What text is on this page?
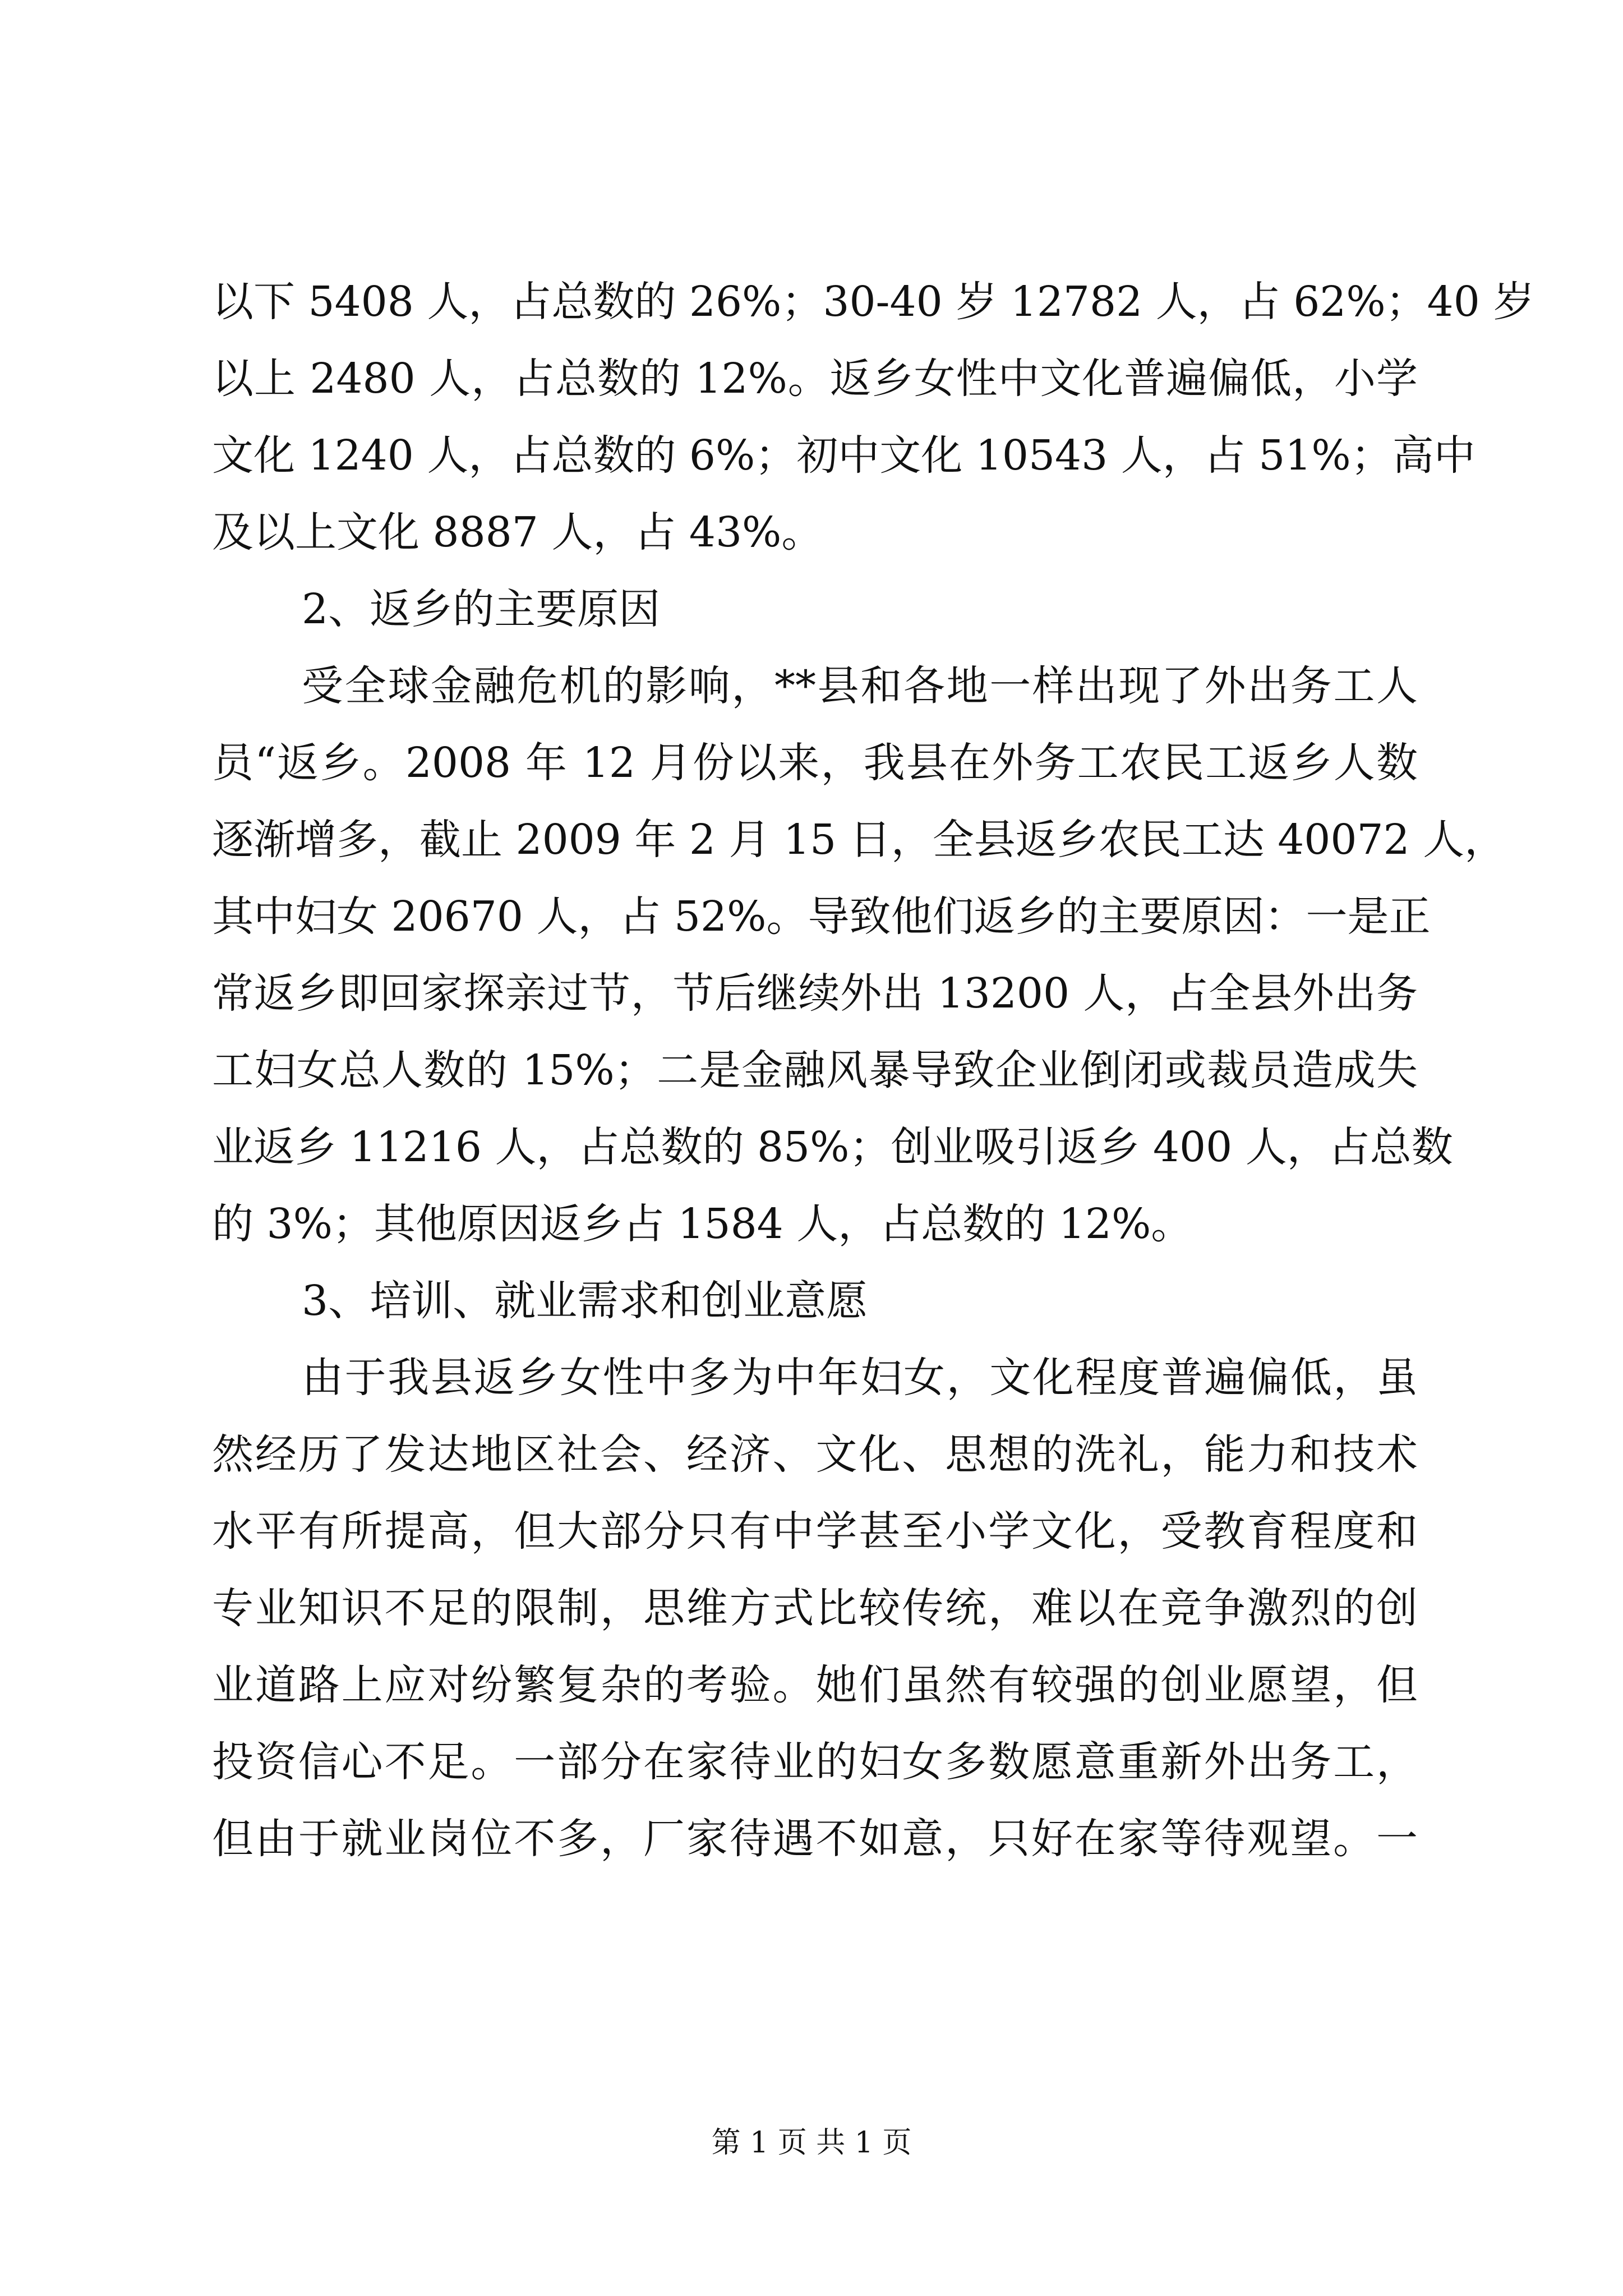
以下 5408 人，占总数的 26%；30-40 岁 12782 人，占 62%；40 岁
以上 2480 人，占总数的 12%。返乡女性中文化普遍偏低，小学
文化 1240 人，占总数的 6%；初中文化 10543 人，占 51%；高中
及以上文化 8887 人，占 43%。
2、返乡的主要原因
受全球金融危机的影响，**县和各地一样出现了外出务工人
员“返乡。2008 年 12 月份以来，我县在外务工农民工返乡人数
逐渐增多，截止 2009 年 2 月 15 日，全县返乡农民工达 40072 人，
其中妇女 20670 人，占 52%。导致他们返乡的主要原因：一是正
常返乡即回家探亲过节，节后继续外出 13200 人，占全县外出务
工妇女总人数的 15%；二是金融风暴导致企业倒闭或裁员造成失
业返乡 11216 人，占总数的 85%；创业吸引返乡 400 人，占总数
的 3%；其他原因返乡占 1584 人，占总数的 12%。
3、培训、就业需求和创业意愿
由于我县返乡女性中多为中年妇女，文化程度普遍偏低，虽
然经历了发达地区社会、经济、文化、思想的洗礼，能力和技术
水平有所提高，但大部分只有中学甚至小学文化，受教育程度和
专业知识不足的限制，思维方式比较传统，难以在竞争激烈的创
业道路上应对纷繁复杂的考验。她们虽然有较强的创业愿望，但
投资信心不足。一部分在家待业的妇女多数愿意重新外出务工，
但由于就业岗位不多，厂家待遇不如意，只好在家等待观望。一
第 1 页 共 1 页
